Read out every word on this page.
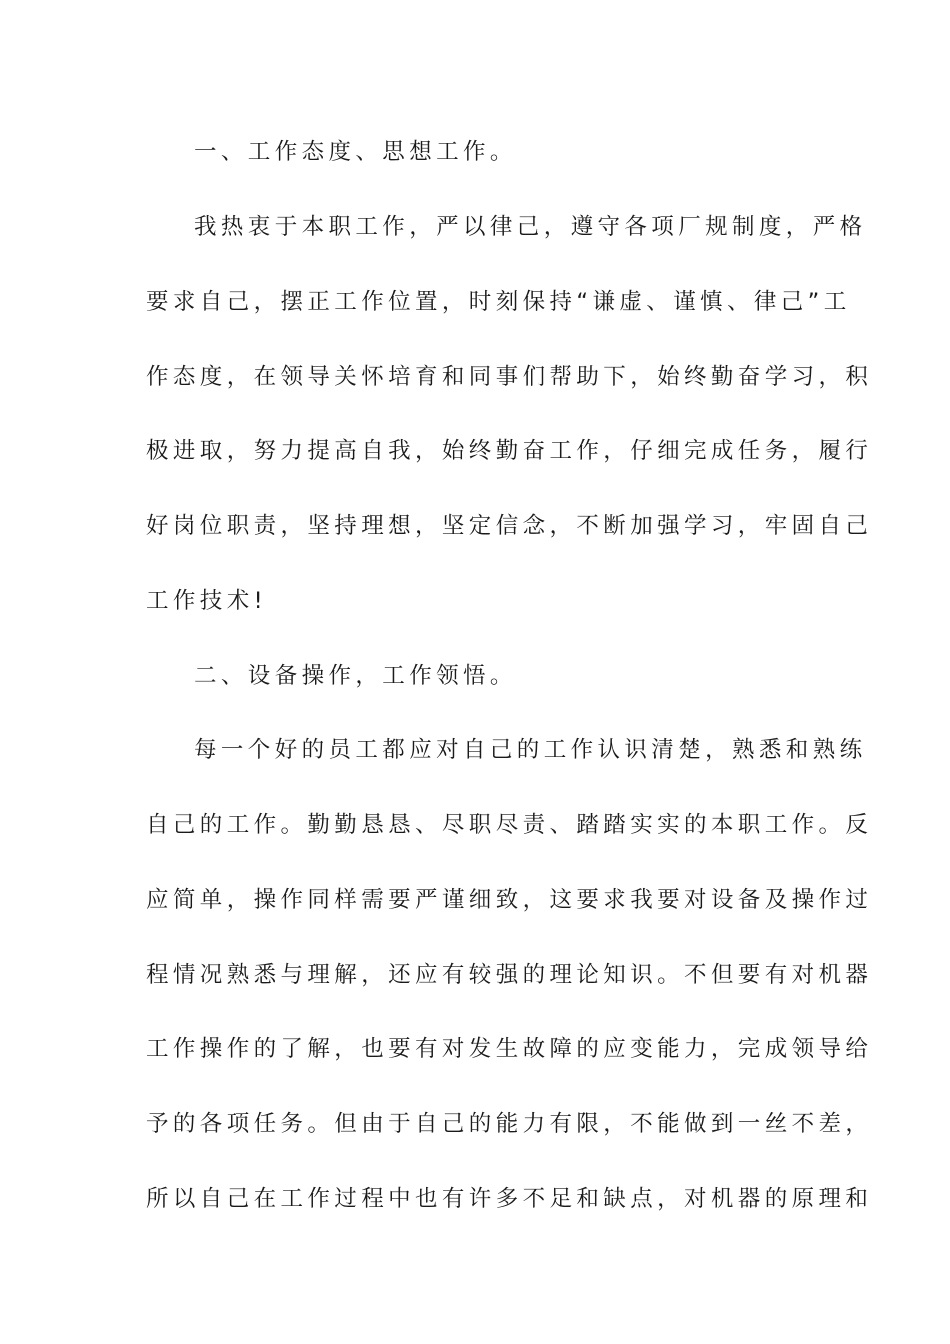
一、工作态度、思想工作。
我热衷于本职工作，严以律己，遵守各项厂规制度，严格
要求自己，摆正工作位置，时刻保持“谦虚、谨慎、律己”工
作态度，在领导关怀培育和同事们帮助下，始终勤奋学习，积
极进取，努力提高自我，始终勤奋工作，仔细完成任务，履行
好岗位职责，坚持理想，坚定信念，不断加强学习，牢固自己
工作技术!
二、设备操作，工作领悟。
每一个好的员工都应对自己的工作认识清楚，熟悉和熟练
自己的工作。勤勤恳恳、尽职尽责、踏踏实实的本职工作。反
应简单，操作同样需要严谨细致，这要求我要对设备及操作过
程情况熟悉与理解，还应有较强的理论知识。不但要有对机器
工作操作的了解，也要有对发生故障的应变能力，完成领导给
予的各项任务。但由于自己的能力有限，不能做到一丝不差，
所以自己在工作过程中也有许多不足和缺点，对机器的原理和
